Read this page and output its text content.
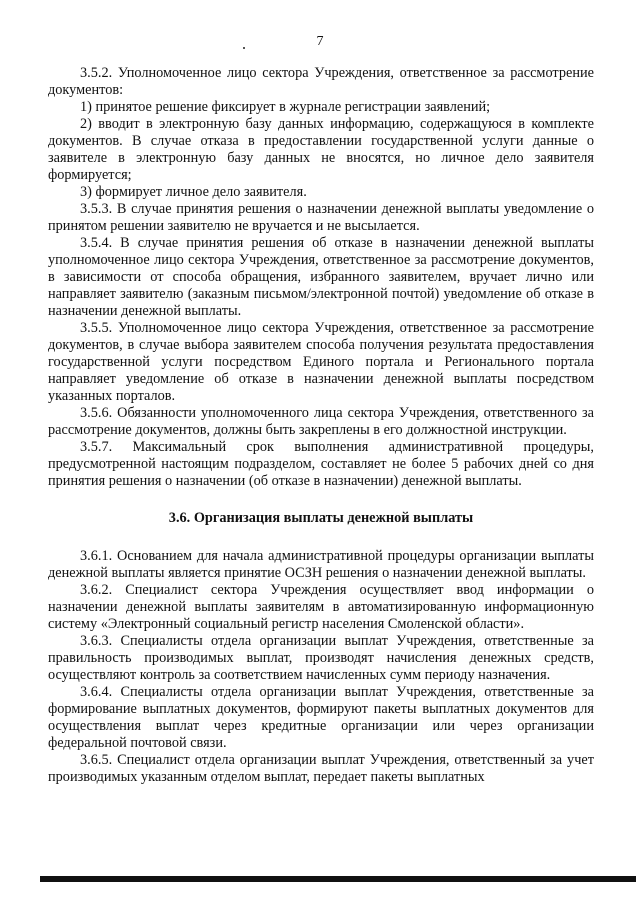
7

3.5.2. Уполномоченное лицо сектора Учреждения, ответственное за рассмотрение документов:

1) принятое решение фиксирует в журнале регистрации заявлений;

2) вводит в электронную базу данных информацию, содержащуюся в комплекте документов. В случае отказа в предоставлении государственной услуги данные о заявителе в электронную базу данных не вносятся, но личное дело заявителя формируется;

3) формирует личное дело заявителя.

3.5.3. В случае принятия решения о назначении денежной выплаты уведомление о принятом решении заявителю не вручается и не высылается.

3.5.4. В случае принятия решения об отказе в назначении денежной выплаты уполномоченное лицо сектора Учреждения, ответственное за рассмотрение документов, в зависимости от способа обращения, избранного заявителем, вручает лично или направляет заявителю (заказным письмом/электронной почтой) уведомление об отказе в назначении денежной выплаты.

3.5.5. Уполномоченное лицо сектора Учреждения, ответственное за рассмотрение документов, в случае выбора заявителем способа получения результата предоставления государственной услуги посредством Единого портала и Регионального портала направляет уведомление об отказе в назначении денежной выплаты посредством указанных порталов.

3.5.6. Обязанности уполномоченного лица сектора Учреждения, ответственного за рассмотрение документов, должны быть закреплены в его должностной инструкции.

3.5.7. Максимальный срок выполнения административной процедуры, предусмотренной настоящим подразделом, составляет не более 5 рабочих дней со дня принятия решения о назначении (об отказе в назначении) денежной выплаты.

3.6. Организация выплаты денежной выплаты

3.6.1. Основанием для начала административной процедуры организации выплаты денежной выплаты является принятие ОСЗН решения о назначении денежной выплаты.

3.6.2. Специалист сектора Учреждения осуществляет ввод информации о назначении денежной выплаты заявителям в автоматизированную информационную систему «Электронный социальный регистр населения Смоленской области».

3.6.3. Специалисты отдела организации выплат Учреждения, ответственные за правильность производимых выплат, производят начисления денежных средств, осуществляют контроль за соответствием начисленных сумм периоду назначения.

3.6.4. Специалисты отдела организации выплат Учреждения, ответственные за формирование выплатных документов, формируют пакеты выплатных документов для осуществления выплат через кредитные организации или через организации федеральной почтовой связи.

3.6.5. Специалист отдела организации выплат Учреждения, ответственный за учет производимых указанным отделом выплат, передает пакеты выплатных
